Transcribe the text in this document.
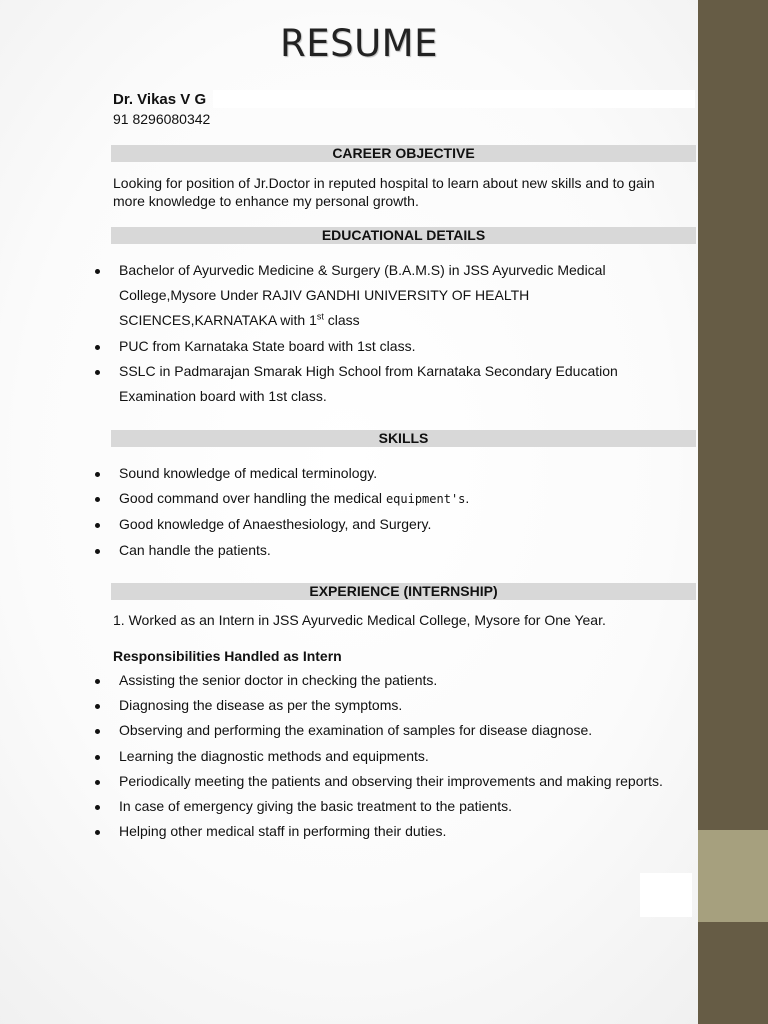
RESUME
Dr. Vikas V G
91 8296080342
CAREER OBJECTIVE
Looking for position of Jr.Doctor in reputed hospital to learn about new skills and to gain more knowledge to enhance my personal growth.
EDUCATIONAL DETAILS
Bachelor of Ayurvedic Medicine & Surgery (B.A.M.S) in JSS Ayurvedic Medical College,Mysore Under RAJIV GANDHI UNIVERSITY OF HEALTH SCIENCES,KARNATAKA with 1st class
PUC from Karnataka State board with 1st class.
SSLC in Padmarajan Smarak High School from Karnataka Secondary Education Examination board with 1st class.
SKILLS
Sound knowledge of medical terminology.
Good command over handling the medical equipment's.
Good knowledge of Anaesthesiology, and Surgery.
Can handle the patients.
EXPERIENCE (INTERNSHIP)
1. Worked as an Intern in JSS Ayurvedic Medical College, Mysore for One Year.
Responsibilities Handled as Intern
Assisting the senior doctor in checking the patients.
Diagnosing the disease as per the symptoms.
Observing and performing the examination of samples for disease diagnose.
Learning the diagnostic methods and equipments.
Periodically meeting the patients and observing their improvements and making reports.
In case of emergency giving the basic treatment to the patients.
Helping other medical staff in performing their duties.
